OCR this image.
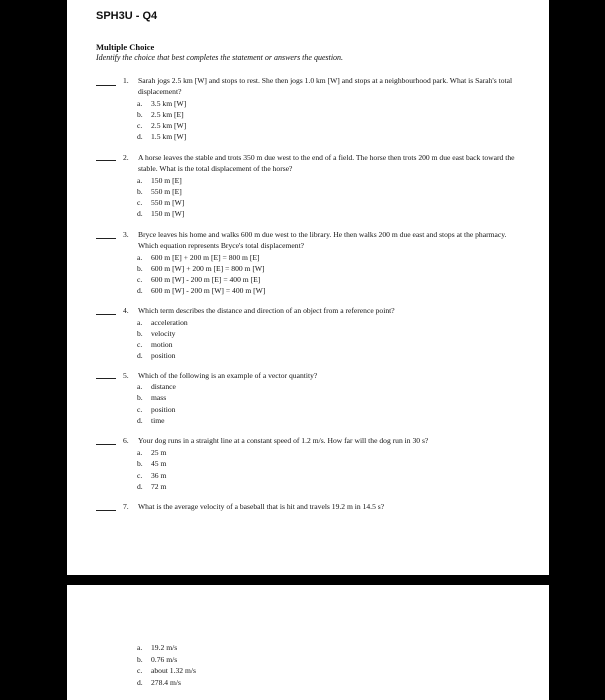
SPH3U - Q4
Multiple Choice
Identify the choice that best completes the statement or answers the question.
1. Sarah jogs 2.5 km [W] and stops to rest. She then jogs 1.0 km [W] and stops at a neighbourhood park. What is Sarah's total displacement?
a. 3.5 km [W]
b. 2.5 km [E]
c. 2.5 km [W]
d. 1.5 km [W]
2. A horse leaves the stable and trots 350 m due west to the end of a field. The horse then trots 200 m due east back toward the stable. What is the total displacement of the horse?
a. 150 m [E]
b. 550 m [E]
c. 550 m [W]
d. 150 m [W]
3. Bryce leaves his home and walks 600 m due west to the library. He then walks 200 m due east and stops at the pharmacy. Which equation represents Bryce's total displacement?
a. 600 m [E] + 200 m [E] = 800 m [E]
b. 600 m [W] + 200 m [E] = 800 m [W]
c. 600 m [W] - 200 m [E] = 400 m [E]
d. 600 m [W] - 200 m [W] = 400 m [W]
4. Which term describes the distance and direction of an object from a reference point?
a. acceleration
b. velocity
c. motion
d. position
5. Which of the following is an example of a vector quantity?
a. distance
b. mass
c. position
d. time
6. Your dog runs in a straight line at a constant speed of 1.2 m/s. How far will the dog run in 30 s?
a. 25 m
b. 45 m
c. 36 m
d. 72 m
7. What is the average velocity of a baseball that is hit and travels 19.2 m in 14.5 s?
a. 19.2 m/s
b. 0.76 m/s
c. about 1.32 m/s
d. 278.4 m/s
